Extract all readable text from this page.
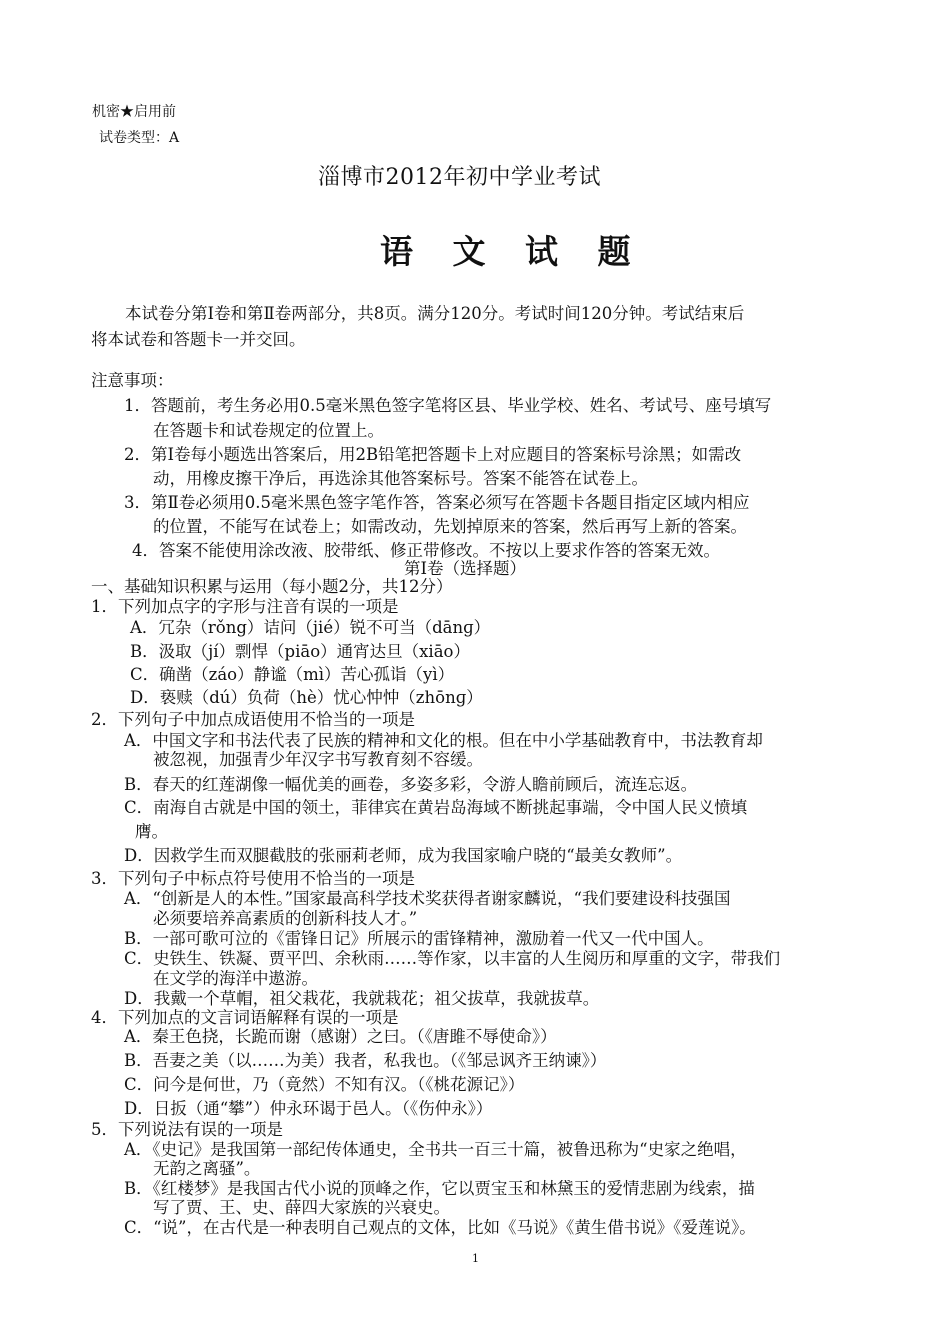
机密★启用前
试卷类型：A
淄博市2012年初中学业考试
语 文 试 题
本试卷分第Ⅰ卷和第Ⅱ卷两部分，共8页。满分120分。考试时间120分钟。考试结束后
将本试卷和答题卡一并交回。
注意事项：
1．答题前，考生务必用0.5毫米黑色签字笔将区县、毕业学校、姓名、考试号、座号填写
在答题卡和试卷规定的位置上。
2．第Ⅰ卷每小题选出答案后，用2B铅笔把答题卡上对应题目的答案标号涂黑；如需改
动，用橡皮擦干净后，再选涂其他答案标号。答案不能答在试卷上。
3．第Ⅱ卷必须用0.5毫米黑色签字笔作答，答案必须写在答题卡各题目指定区域内相应
的位置，不能写在试卷上；如需改动，先划掉原来的答案，然后再写上新的答案。
4．答案不能使用涂改液、胶带纸、修正带修改。不按以上要求作答的答案无效。
第Ⅰ卷（选择题）
一、基础知识积累与运用（每小题2分，共12分）
1．下列加点字的字形与注音有误的一项是
A．冗杂（rǒng）诘问（jié）锐不可当（dānɡ）
B．汲取（jí）剽悍（piāo）通宵达旦（xiāo）
C．确凿（záo）静谧（mì）苦心孤诣（yì）
D．亵赎（dú）负荷（hè）忧心忡忡（zhōnɡ）
2．下列句子中加点成语使用不恰当的一项是
A．中国文字和书法代表了民族的精神和文化的根。但在中小学基础教育中，书法教育却
被忽视，加强青少年汉字书写教育刻不容缓。
B．春天的红莲湖像一幅优美的画卷，多姿多彩，令游人瞻前顾后，流连忘返。
C．南海自古就是中国的领土，菲律宾在黄岩岛海域不断挑起事端，令中国人民义愤填
膺。
D．因救学生而双腿截肢的张丽莉老师，成为我国家喻户晓的“最美女教师”。
3．下列句子中标点符号使用不恰当的一项是
A．“创新是人的本性。”国家最高科学技术奖获得者谢家麟说，“我们要建设科技强国
必须要培养高素质的创新科技人才。”
B．一部可歌可泣的《雷锋日记》所展示的雷锋精神，激励着一代又一代中国人。
C．史铁生、铁凝、贾平凹、余秋雨……等作家，以丰富的人生阅历和厚重的文字，带我们
在文学的海洋中遨游。
D．我戴一个草帽，祖父栽花，我就栽花；祖父拔草，我就拔草。
4．下列加点的文言词语解释有误的一项是
A．秦王色挠，长跪而谢（感谢）之曰。（《唐雎不辱使命》）
B．吾妻之美（以……为美）我者，私我也。（《邹忌讽齐王纳谏》）
C．问今是何世，乃（竟然）不知有汉。（《桃花源记》）
D．日扳（通“攀”）仲永环谒于邑人。（《伤仲永》）
5．下列说法有误的一项是
A．《史记》是我国第一部纪传体通史，全书共一百三十篇，被鲁迅称为“史家之绝唱，
无韵之离骚”。
B．《红楼梦》是我国古代小说的顶峰之作，它以贾宝玉和林黛玉的爱情悲剧为线索，描
写了贾、王、史、薛四大家族的兴衰史。
C．“说”，在古代是一种表明自己观点的文体，比如《马说》《黄生借书说》《爱莲说》。
1
